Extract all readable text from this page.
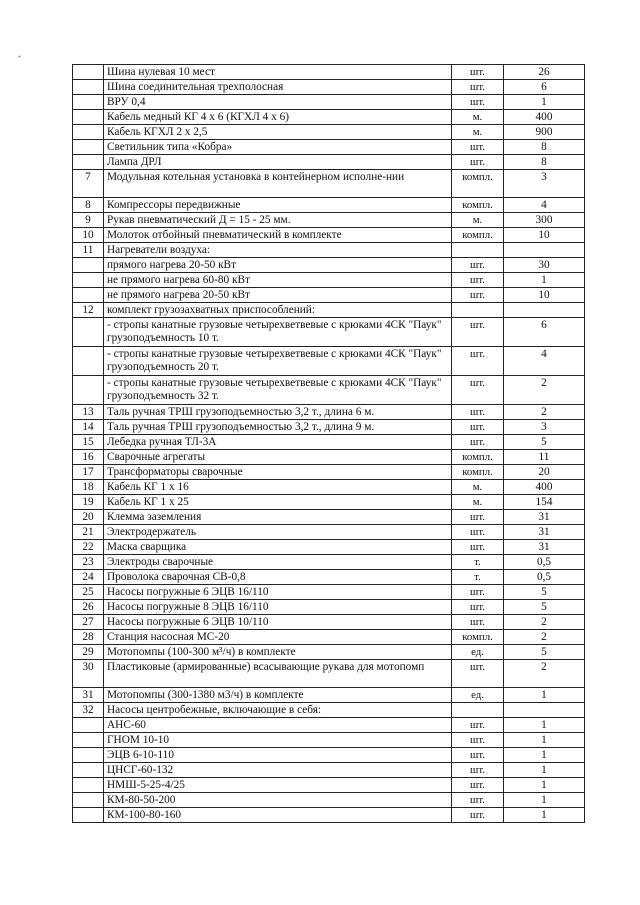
	Шина нулевая 10 мест	шт.	26
	Шина соединительная трехполосная	шт.	6
	ВРУ 0,4	шт.	1
	Кабель медный КГ 4 х 6 (КГХЛ 4 х 6)	м.	400
	Кабель КГХЛ 2 х 2,5	м.	900
	Светильник типа «Кобра»	шт.	8
	Лампа ДРЛ	шт.	8
7	Модульная котельная установка в контейнерном исполне-нии	компл.	3
8	Компрессоры передвижные	компл.	4
9	Рукав пневматический Д = 15 - 25 мм.	м.	300
10	Молоток отбойный пневматический в комплекте	компл.	10
11	Нагреватели воздуха:		
	прямого нагрева 20-50 кВт	шт.	30
	не прямого нагрева 60-80 кВт	шт.	1
	не прямого нагрева 20-50 кВт	шт.	10
12	комплект грузозахватных приспособлений:		
	- стропы канатные грузовые четырехветвевые с крюками 4СК "Паук" грузоподъемность 10 т.	шт.	6
	- стропы канатные грузовые четырехветвевые с крюками 4СК "Паук" грузоподъемность 20 т.	шт.	4
	- стропы канатные грузовые четырехветвевые с крюками 4СК "Паук" грузоподъемность 32 т.	шт.	2
13	Таль ручная ТРШ грузоподъемностью 3,2 т., длина 6 м.	шт.	2
14	Таль ручная ТРШ грузоподъемностью 3,2 т., длина 9 м.	шт.	3
15	Лебедка ручная ТЛ-3А	шт.	5
16	Сварочные агрегаты	компл.	11
17	Трансформаторы сварочные	компл.	20
18	Кабель КГ 1 х 16	м.	400
19	Кабель КГ 1 х 25	м.	154
20	Клемма заземления	шт.	31
21	Электродержатель	шт.	31
22	Маска сварщика	шт.	31
23	Электроды сварочные	т.	0,5
24	Проволока сварочная СВ-0,8	т.	0,5
25	Насосы погружные 6 ЭЦВ 16/110	шт.	5
26	Насосы погружные 8 ЭЦВ 16/110	шт.	5
27	Насосы погружные 6 ЭЦВ 10/110	шт.	2
28	Станция насосная МС-20	компл.	2
29	Мотопомпы (100-300 м³/ч) в комплекте	ед.	5
30	Пластиковые (армированные) всасывающие рукава для мотопомп	шт.	2
31	Мотопомпы (300-1380 м3/ч) в комплекте	ед.	1
32	Насосы центробежные, включающие в себя:		
	АНС-60	шт.	1
	ГНОМ 10-10	шт.	1
	ЭЦВ 6-10-110	шт.	1
	ЦНСГ-60-132	шт.	1
	НМШ-5-25-4/25	шт.	1
	КМ-80-50-200	шт.	1
	КМ-100-80-160	шт.	1
